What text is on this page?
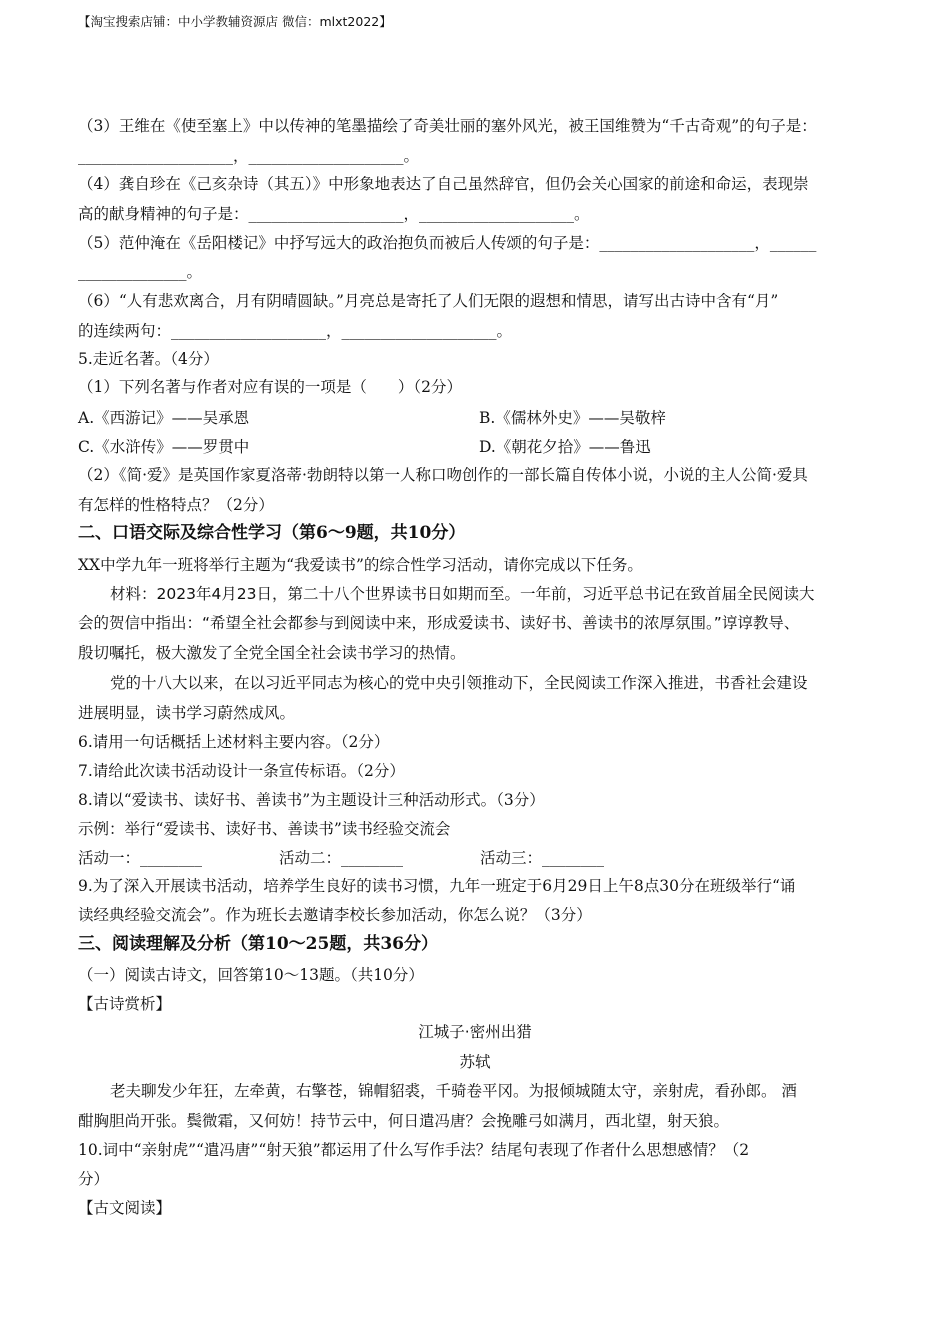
【淘宝搜索店铺：中小学教辅资源店 微信：mlxt2022】
（3）王维在《使至塞上》中以传神的笔墨描绘了奇美壮丽的塞外风光，被王国维赞为“千古奇观”的句子是：
____________________，____________________。
（4）龚自珍在《己亥杂诗（其五）》中形象地表达了自己虽然辞官，但仍会关心国家的前途和命运，表现崇
高的献身精神的句子是：____________________，____________________。
（5）范仲淹在《岳阳楼记》中抒写远大的政治抱负而被后人传颂的句子是：____________________，______
______________。
（6）“人有悲欢离合，月有阴晴圆缺。”月亮总是寄托了人们无限的遐想和情思，请写出古诗中含有“月”
的连续两句：____________________，____________________。
5.走近名著。（4分）
（1）下列名著与作者对应有误的一项是（　　）（2分）
A.《西游记》——吴承恩	B.《儒林外史》——吴敬梓
C.《水浒传》——罗贯中	D.《朝花夕拾》——鲁迅
（2）《简·爱》是英国作家夏洛蒂·勃朗特以第一人称口吻创作的一部长篇自传体小说，小说的主人公简·爱具
有怎样的性格特点？（2分）
二、口语交际及综合性学习（第6～9题，共10分）
XX中学九年一班将举行主题为“我爱读书”的综合性学习活动，请你完成以下任务。
材料：2023年4月23日，第二十八个世界读书日如期而至。一年前，习近平总书记在致首届全民阅读大
会的贺信中指出：“希望全社会都参与到阅读中来，形成爱读书、读好书、善读书的浓厚氛围。”谆谆教导、
殷切嘱托，极大激发了全党全国全社会读书学习的热情。
党的十八大以来，在以习近平同志为核心的党中央引领推动下，全民阅读工作深入推进，书香社会建设
进展明显，读书学习蔚然成风。
6.请用一句话概括上述材料主要内容。（2分）
7.请给此次读书活动设计一条宣传标语。（2分）
8.请以“爱读书、读好书、善读书”为主题设计三种活动形式。（3分）
示例：举行“爱读书、读好书、善读书”读书经验交流会
活动一：________	活动二：________	活动三：________
9.为了深入开展读书活动，培养学生良好的读书习惯，九年一班定于6月29日上午8点30分在班级举行“诵
读经典经验交流会”。作为班长去邀请李校长参加活动，你怎么说？（3分）
三、阅读理解及分析（第10～25题，共36分）
（一）阅读古诗文，回答第10～13题。（共10分）
【古诗赏析】
江城子·密州出猎
苏轼
老夫聊发少年狂，左牵黄，右擎苍，锦帽貂裘，千骑卷平冈。为报倾城随太守，亲射虎，看孙郎。 酒
酣胸胆尚开张。鬓微霜，又何妨！持节云中，何日遣冯唐？会挽雕弓如满月，西北望，射天狼。
10.词中“亲射虎”“遣冯唐”“射天狼”都运用了什么写作手法？结尾句表现了作者什么思想感情？（2
分）
【古文阅读】
